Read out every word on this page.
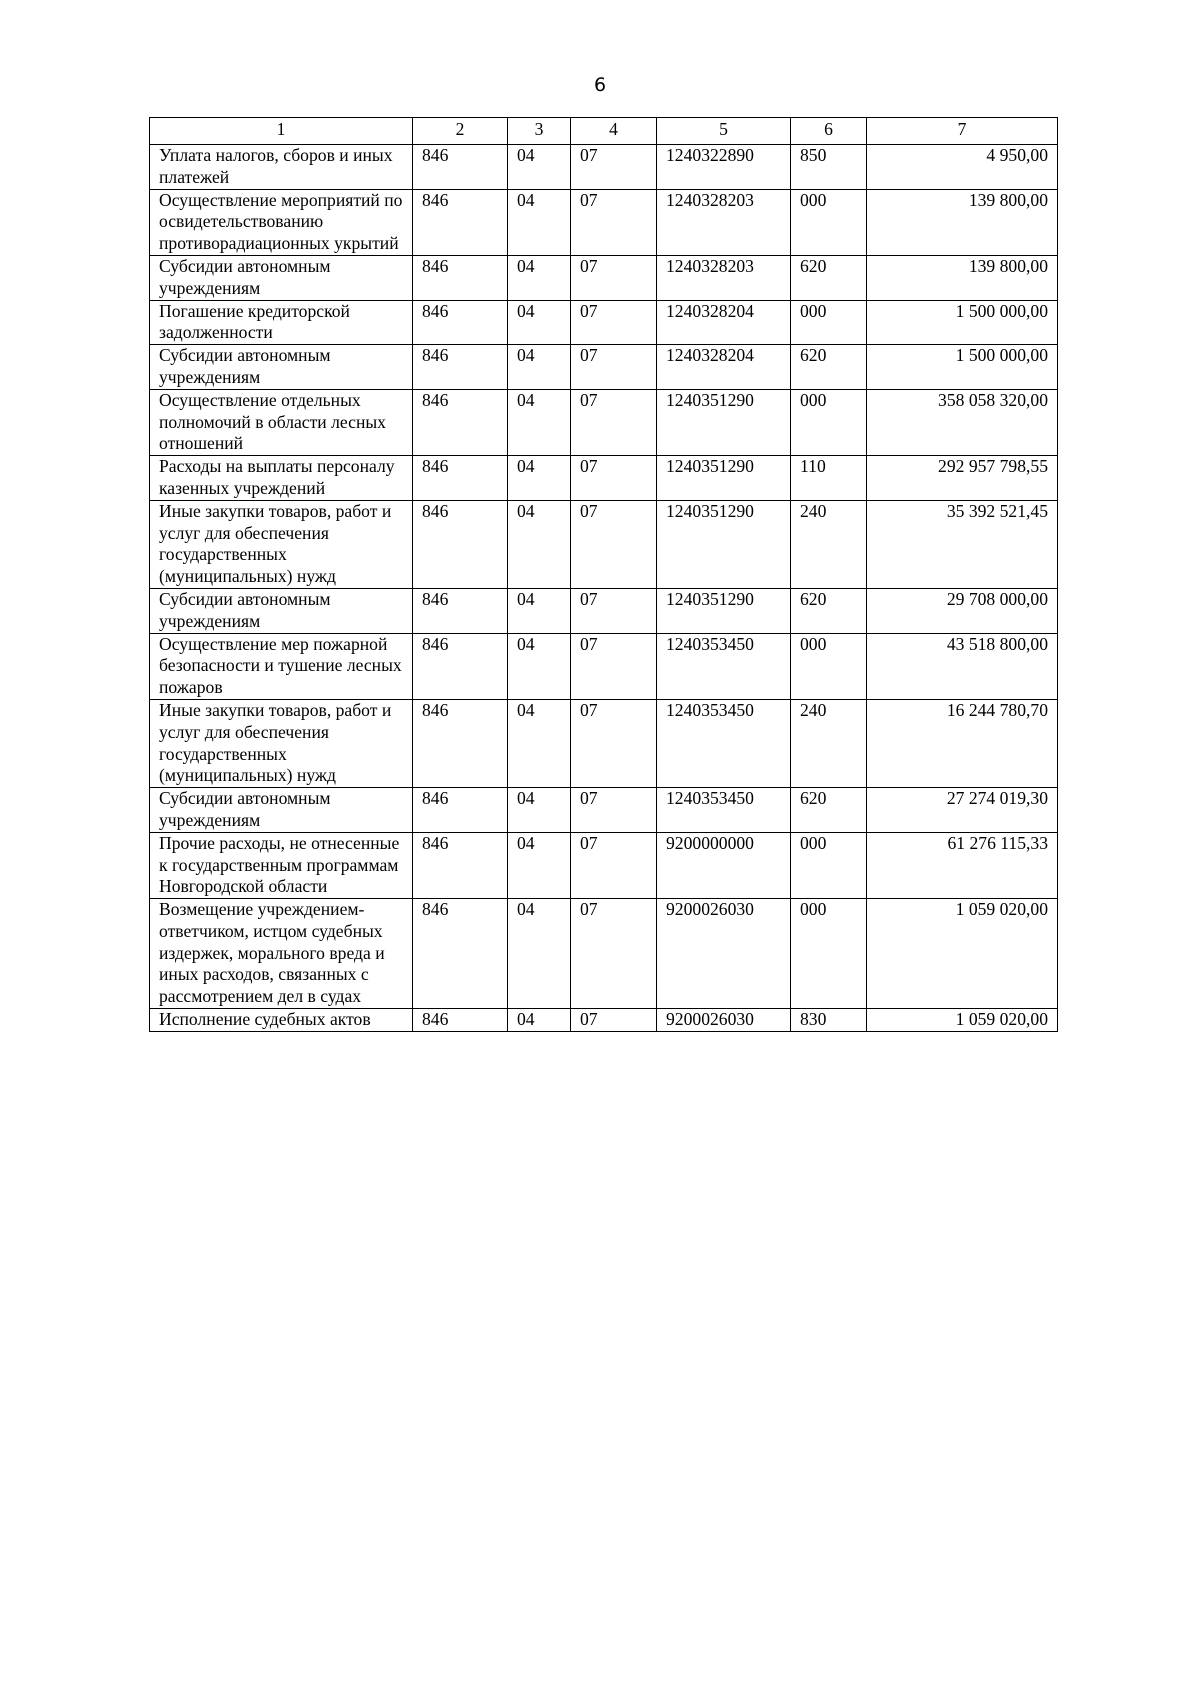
6
1	2	3	4	5	6	7
Уплата налогов, сборов и иных платежей	846	04	07	1240322890	850	4 950,00
Осуществление мероприятий по освидетельствованию противорадиационных укрытий	846	04	07	1240328203	000	139 800,00
Субсидии автономным учреждениям	846	04	07	1240328203	620	139 800,00
Погашение кредиторской задолженности	846	04	07	1240328204	000	1 500 000,00
Субсидии автономным учреждениям	846	04	07	1240328204	620	1 500 000,00
Осуществление отдельных полномочий в области лесных отношений	846	04	07	1240351290	000	358 058 320,00
Расходы на выплаты персоналу казенных учреждений	846	04	07	1240351290	110	292 957 798,55
Иные закупки товаров, работ и услуг для обеспечения государственных (муниципальных) нужд	846	04	07	1240351290	240	35 392 521,45
Субсидии автономным учреждениям	846	04	07	1240351290	620	29 708 000,00
Осуществление мер пожарной безопасности и тушение лесных пожаров	846	04	07	1240353450	000	43 518 800,00
Иные закупки товаров, работ и услуг для обеспечения государственных (муниципальных) нужд	846	04	07	1240353450	240	16 244 780,70
Субсидии автономным учреждениям	846	04	07	1240353450	620	27 274 019,30
Прочие расходы, не отнесенные к государственным программам Новгородской области	846	04	07	9200000000	000	61 276 115,33
Возмещение учреждением-ответчиком, истцом судебных издержек, морального вреда и иных расходов, связанных с рассмотрением дел в судах	846	04	07	9200026030	000	1 059 020,00
Исполнение судебных актов	846	04	07	9200026030	830	1 059 020,00
